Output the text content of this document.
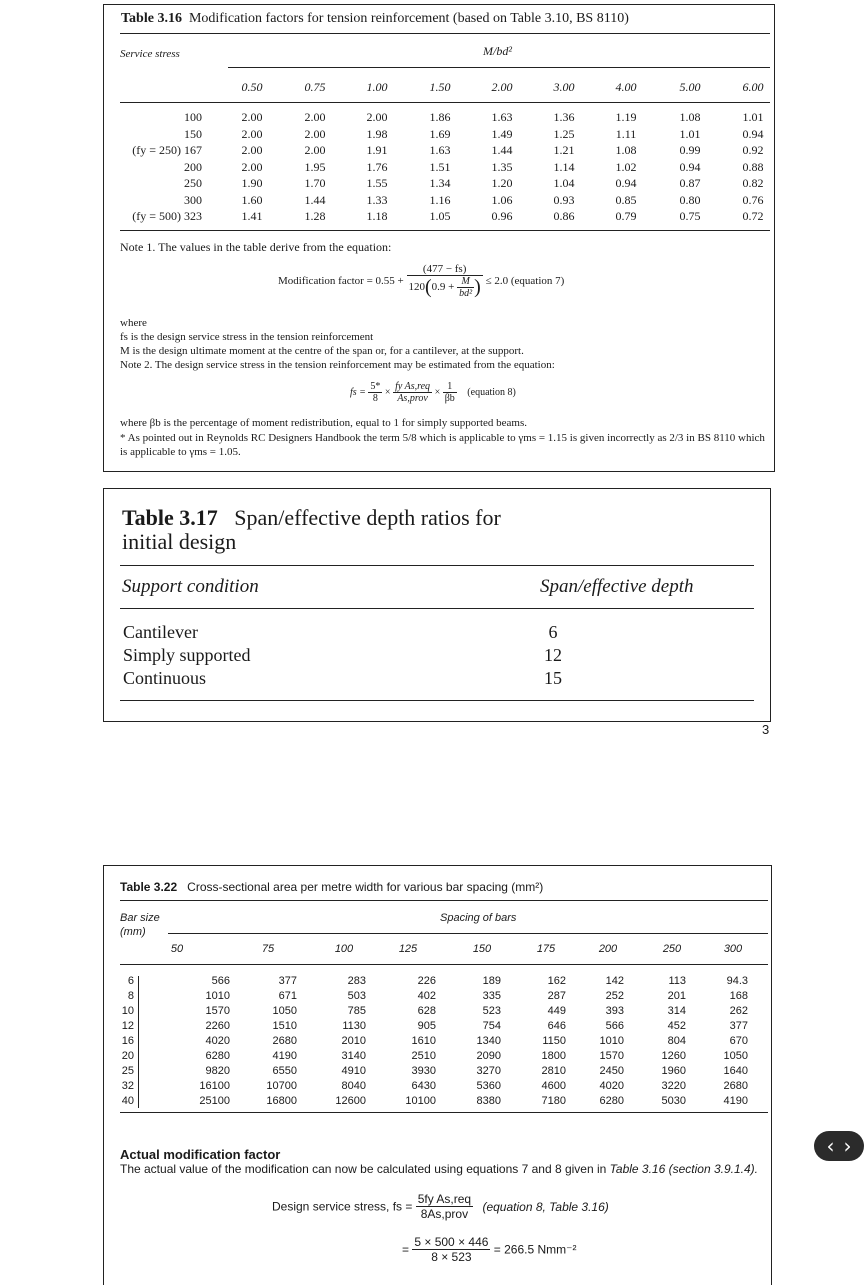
Table 3.16 Modification factors for tension reinforcement (based on Table 3.10, BS 8110)
Service stress	M/bd²
0.50	0.75	1.00	1.50	2.00	3.00	4.00	5.00	6.00
100	2.00	2.00	2.00	1.86	1.63	1.36	1.19	1.08	1.01
150	2.00	2.00	1.98	1.69	1.49	1.25	1.11	1.01	0.94
(fy = 250) 167	2.00	2.00	1.91	1.63	1.44	1.21	1.08	0.99	0.92
200	2.00	1.95	1.76	1.51	1.35	1.14	1.02	0.94	0.88
250	1.90	1.70	1.55	1.34	1.20	1.04	0.94	0.87	0.82
300	1.60	1.44	1.33	1.16	1.06	0.93	0.85	0.80	0.76
(fy = 500) 323	1.41	1.28	1.18	1.05	0.96	0.86	0.79	0.75	0.72
Note 1. The values in the table derive from the equation:
Modification factor = $0.55 + \frac{(477 - fs)}{120(0.9 + \frac{M}{\text{bd²}} )} \le 2.0$ (equation 7)
where
fs is the design service stress in the tension reinforcement
M is the design ultimate moment at the centre of the span or, for a cantilever, at the support.
Note 2. The design service stress in the tension reinforcement may be estimated from the equation:
fs = $\frac{5*}{8} \times \frac{\text{fy As,req}}{\text{As,prov}} \times \frac{1}{\beta b}$ (equation 8)
where βb is the percentage of moment redistribution, equal to 1 for simply supported beams.
* As pointed out in Reynolds RC Designers Handbook the term 5/8 which is applicable to γms = 1.15 is given incorrectly as 2/3 in BS 8110 which is applicable to γms = 1.05.
Table 3.17 Span/effective depth ratios for
initial design
Support condition	Span/effective depth
Cantilever	6
Simply supported	12
Continuous	15
3
Table 3.22 Cross-sectional area per metre width for various bar spacing (mm²)
Bar size
(mm)
Spacing of bars
50	75	100	125	150	175	200	250	300
6	566	377	283	226	189	162	142	113	94.3
8	1010	671	503	402	335	287	252	201	168
10	1570	1050	785	628	523	449	393	314	262
12	2260	1510	1130	905	754	646	566	452	377
16	4020	2680	2010	1610	1340	1150	1010	804	670
20	6280	4190	3140	2510	2090	1800	1570	1260	1050
25	9820	6550	4910	3930	3270	2810	2450	1960	1640
32	16100	10700	8040	6430	5360	4600	4020	3220	2680
40	25100	16800	12600	10100	8380	7180	6280	5030	4190
Actual modification factor
The actual value of the modification can now be calculated using equations 7 and 8 given in Table 3.16 (section 3.9.1.4).
Design service stress, fs = $\frac{\text{5fy As,req}}{\text{8As,prov}}$ (equation 8, Table 3.16)
= $\frac{5 \times 500 \times 446}{8 \times 523} = 266.5$ Nmm⁻²
‹ ›
